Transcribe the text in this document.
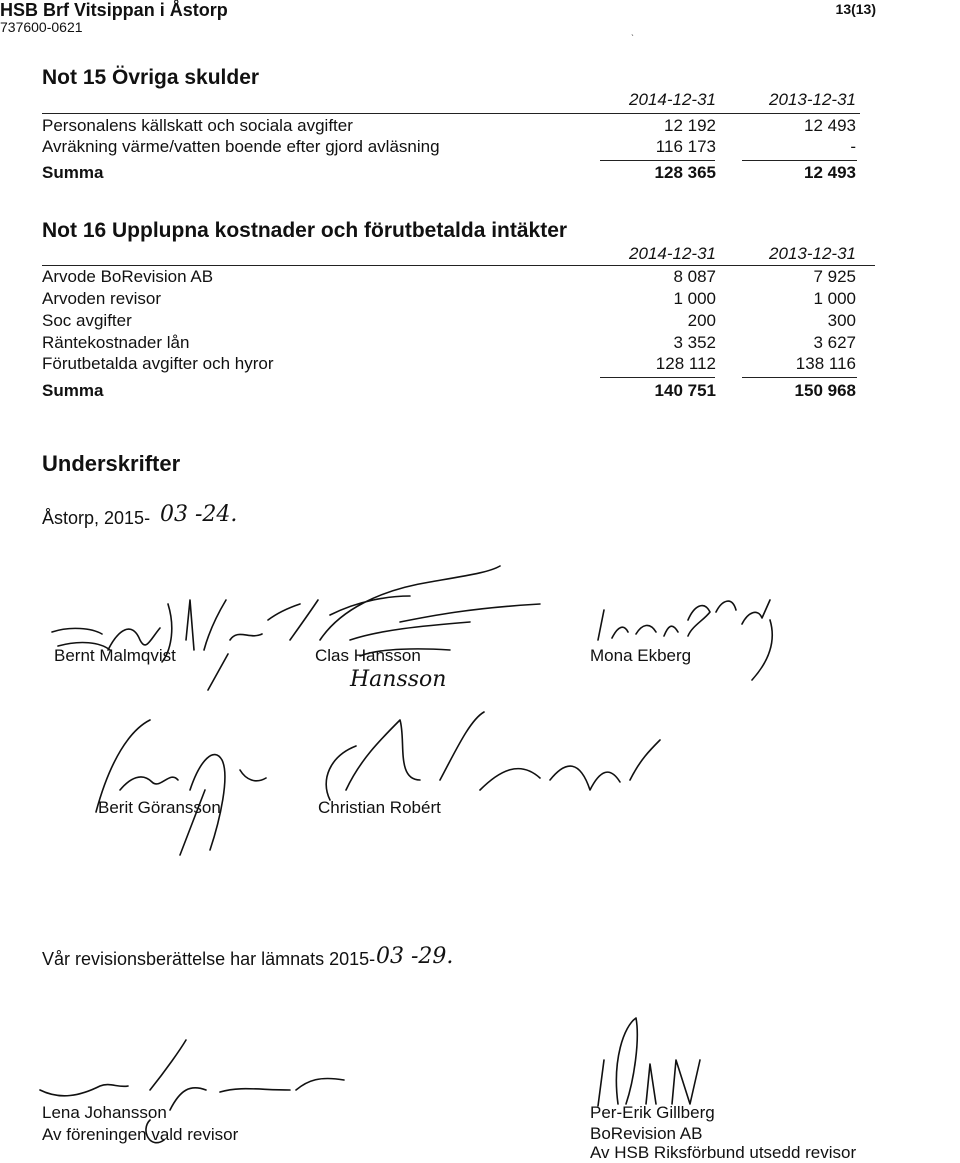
HSB Brf Vitsippan i Åstorp
737600-0621
13(13)
ˎ
Not 15 Övriga skulder
2014-12-31	2013-12-31
Personalens källskatt och sociala avgifter	12 192	12 493
Avräkning värme/vatten boende efter gjord avläsning	116 173	-
Summa	128 365	12 493
Not 16 Upplupna kostnader och förutbetalda intäkter
2014-12-31	2013-12-31
Arvode BoRevision AB	8 087	7 925
Arvoden revisor	1 000	1 000
Soc avgifter	200	300
Räntekostnader lån	3 352	3 627
Förutbetalda avgifter och hyror	128 112	138 116
Summa	140 751	150 968
Underskrifter
Åstorp, 2015- 03 -24.
Hansson
Bernt Malmqvist	Clas Hansson	Mona Ekberg
Berit Göransson	Christian Robért
Vår revisionsberättelse har lämnats 2015- 03 -29.
Lena Johansson
Av föreningen vald revisor
Per-Erik Gillberg
BoRevision AB
Av HSB Riksförbund utsedd revisor
